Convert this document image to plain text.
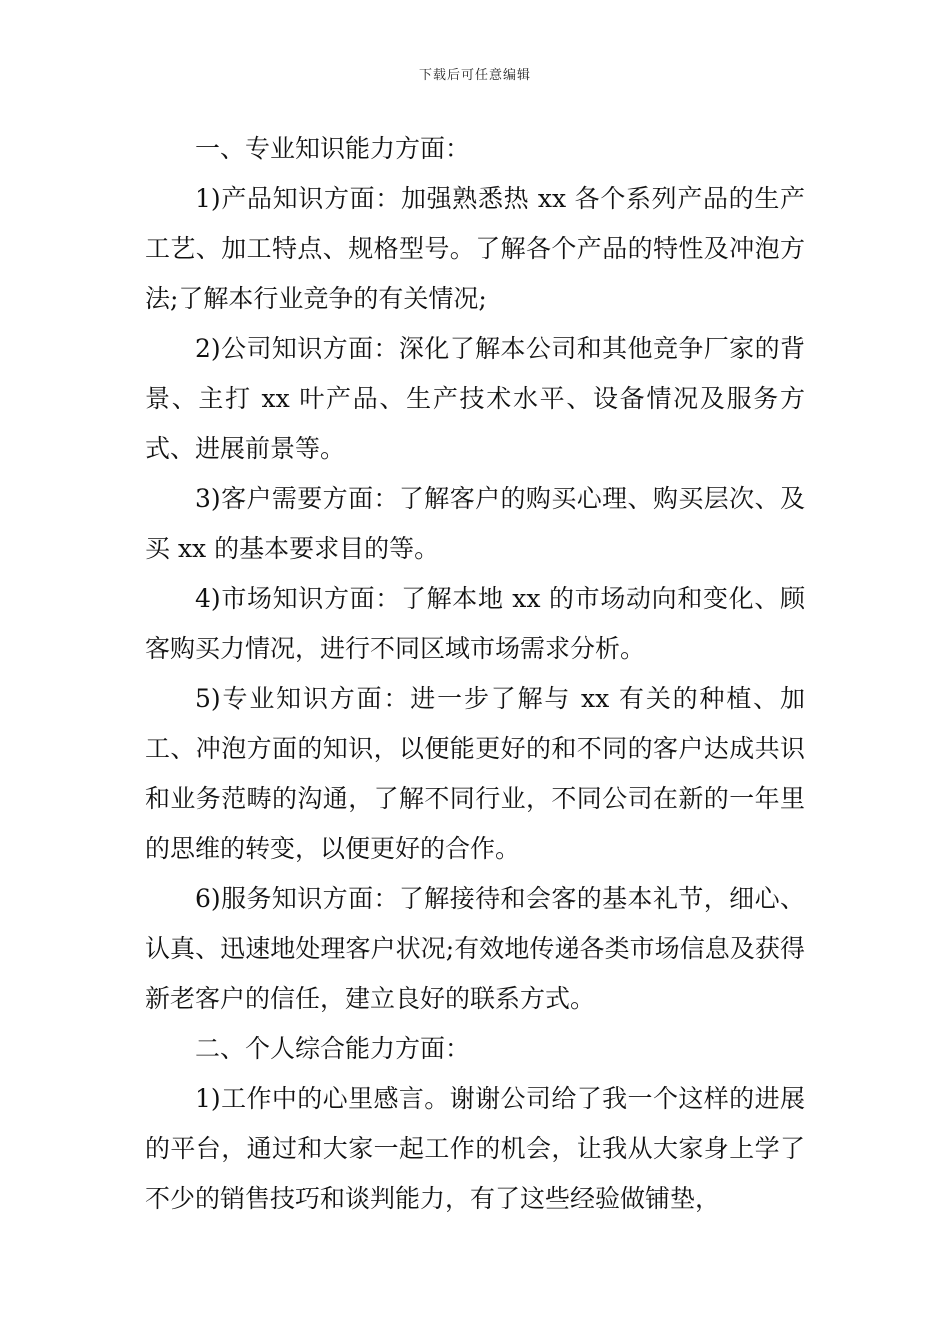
下载后可任意编辑

一、专业知识能力方面：

1)产品知识方面：加强熟悉热 xx 各个系列产品的生产工艺、加工特点、规格型号。了解各个产品的特性及冲泡方法;了解本行业竞争的有关情况;

2)公司知识方面：深化了解本公司和其他竞争厂家的背景、主打 xx 叶产品、生产技术水平、设备情况及服务方式、进展前景等。

3)客户需要方面：了解客户的购买心理、购买层次、及买 xx 的基本要求目的等。

4)市场知识方面：了解本地 xx 的市场动向和变化、顾客购买力情况，进行不同区域市场需求分析。

5)专业知识方面：进一步了解与 xx 有关的种植、加工、冲泡方面的知识，以便能更好的和不同的客户达成共识和业务范畴的沟通，了解不同行业，不同公司在新的一年里的思维的转变，以便更好的合作。

6)服务知识方面：了解接待和会客的基本礼节，细心、认真、迅速地处理客户状况;有效地传递各类市场信息及获得新老客户的信任，建立良好的联系方式。

二、个人综合能力方面：

1)工作中的心里感言。谢谢公司给了我一个这样的进展的平台，通过和大家一起工作的机会，让我从大家身上学了不少的销售技巧和谈判能力，有了这些经验做铺垫，
